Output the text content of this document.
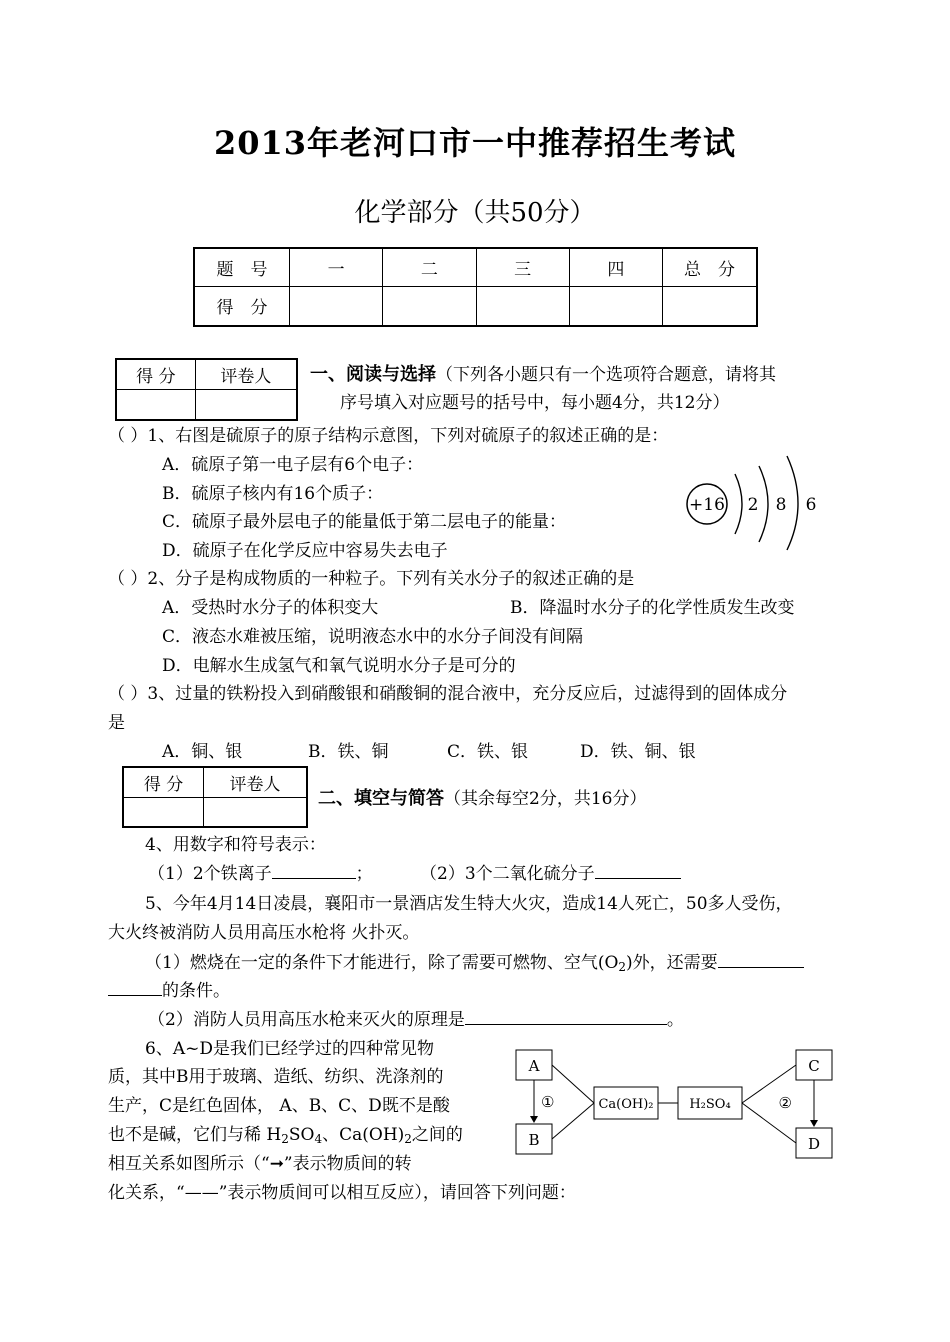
2013年老河口市一中推荐招生考试
化学部分（共50分）
题　号	一	二	三	四	总　分
得　分					
得 分	评卷人
	一、阅读与选择（下列各小题只有一个选项符合题意，请将其
序号填入对应题号的括号中，每小题4分，共12分）
（ ）1、右图是硫原子的原子结构示意图，下列对硫原子的叙述正确的是：
A．硫原子第一电子层有6个电子：
B．硫原子核内有16个质子：
C．硫原子最外层电子的能量低于第二层电子的能量：
D．硫原子在化学反应中容易失去电子
+16 2 8 6
（ ）2、分子是构成物质的一种粒子。下列有关水分子的叙述正确的是
A．受热时水分子的体积变大	B．降温时水分子的化学性质发生改变
C．液态水难被压缩，说明液态水中的水分子间没有间隔
D．电解水生成氢气和氧气说明水分子是可分的
（ ）3、过量的铁粉投入到硝酸银和硝酸铜的混合液中，充分反应后，过滤得到的固体成分
是
A．铜、银	B．铁、铜	C．铁、银	D．铁、铜、银
得 分	评卷人

二、填空与简答（其余每空2分，共16分）
4、用数字和符号表示：
（1）2个铁离子	；	（2）3个二氧化硫分子
5、今年4月14日凌晨，襄阳市一景酒店发生特大火灾，造成14人死亡，50多人受伤，
大火终被消防人员用高压水枪将 火扑灭。
（1）燃烧在一定的条件下才能进行，除了需要可燃物、空气(O2)外，还需要
的条件。
（2）消防人员用高压水枪来灭火的原理是	。
6、A~D是我们已经学过的四种常见物
质，其中B用于玻璃、造纸、纺织、洗涤剂的
生产，C是红色固体， A、B、C、D既不是酸
也不是碱，它们与稀 H2SO4、Ca(OH)2之间的
相互关系如图所示（“➞”表示物质间的转
化关系，“——”表示物质间可以相互反应），请回答下列问题：
A
B
①	Ca(OH)₂	H₂SO₄
C
D
②
